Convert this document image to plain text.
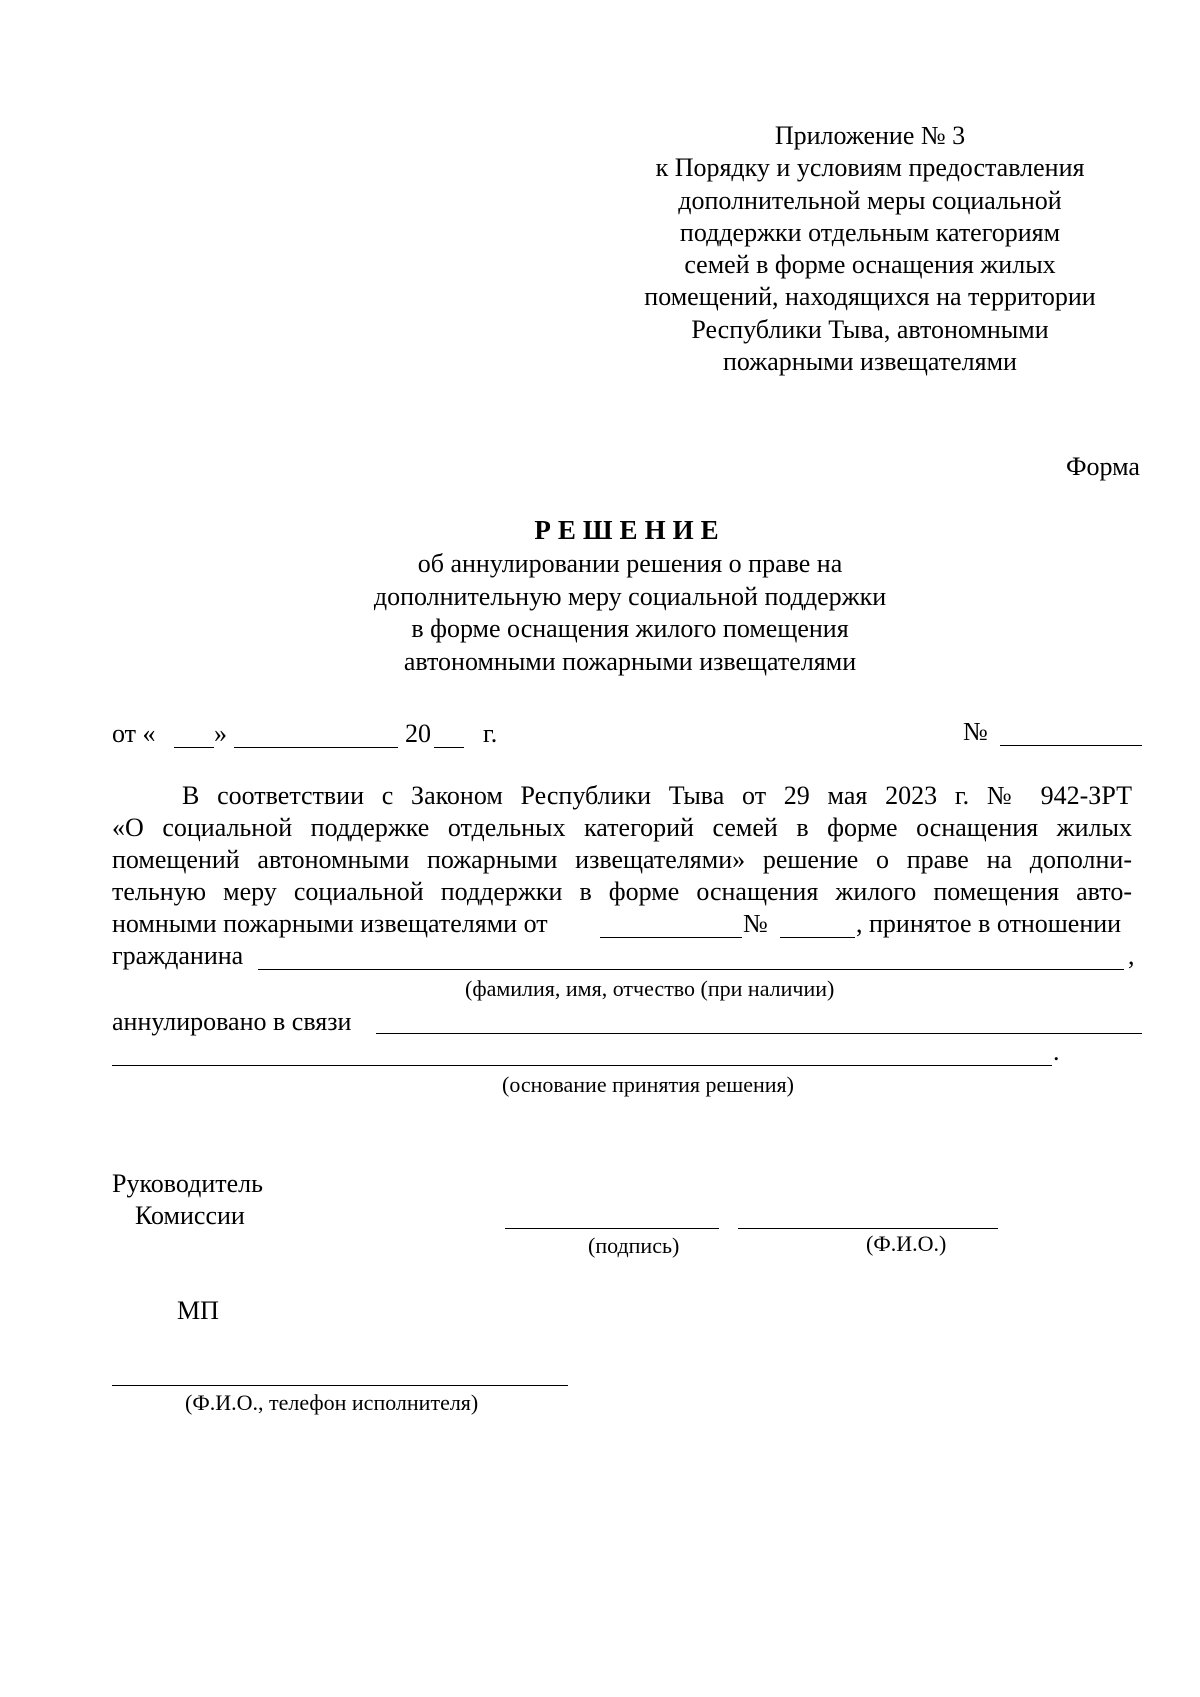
Приложение № 3
к Порядку и условиям предоставления
дополнительной меры социальной
поддержки отдельным категориям
семей в форме оснащения жилых
помещений, находящихся на территории
Республики Тыва, автономными
пожарными извещателями
Форма
РЕШЕНИЕ
об аннулировании решения о праве на
дополнительную меру социальной поддержки
в форме оснащения жилого помещения
автономными пожарными извещателями
от « »	20 г.	№
В соответствии с Законом Республики Тыва от 29 мая 2023 г. № 942-ЗРТ
«О социальной поддержке отдельных категорий семей в форме оснащения жилых
помещений автономными пожарными извещателями» решение о праве на дополни-
тельную меру социальной поддержки в форме оснащения жилого помещения авто-
номными пожарными извещателями от	№	, принятое в отношении
гражданина	,
(фамилия, имя, отчество (при наличии)
аннулировано в связи
.
(основание принятия решения)
Руководитель
Комиссии
(подпись)	(Ф.И.О.)
МП
(Ф.И.О., телефон исполнителя)
